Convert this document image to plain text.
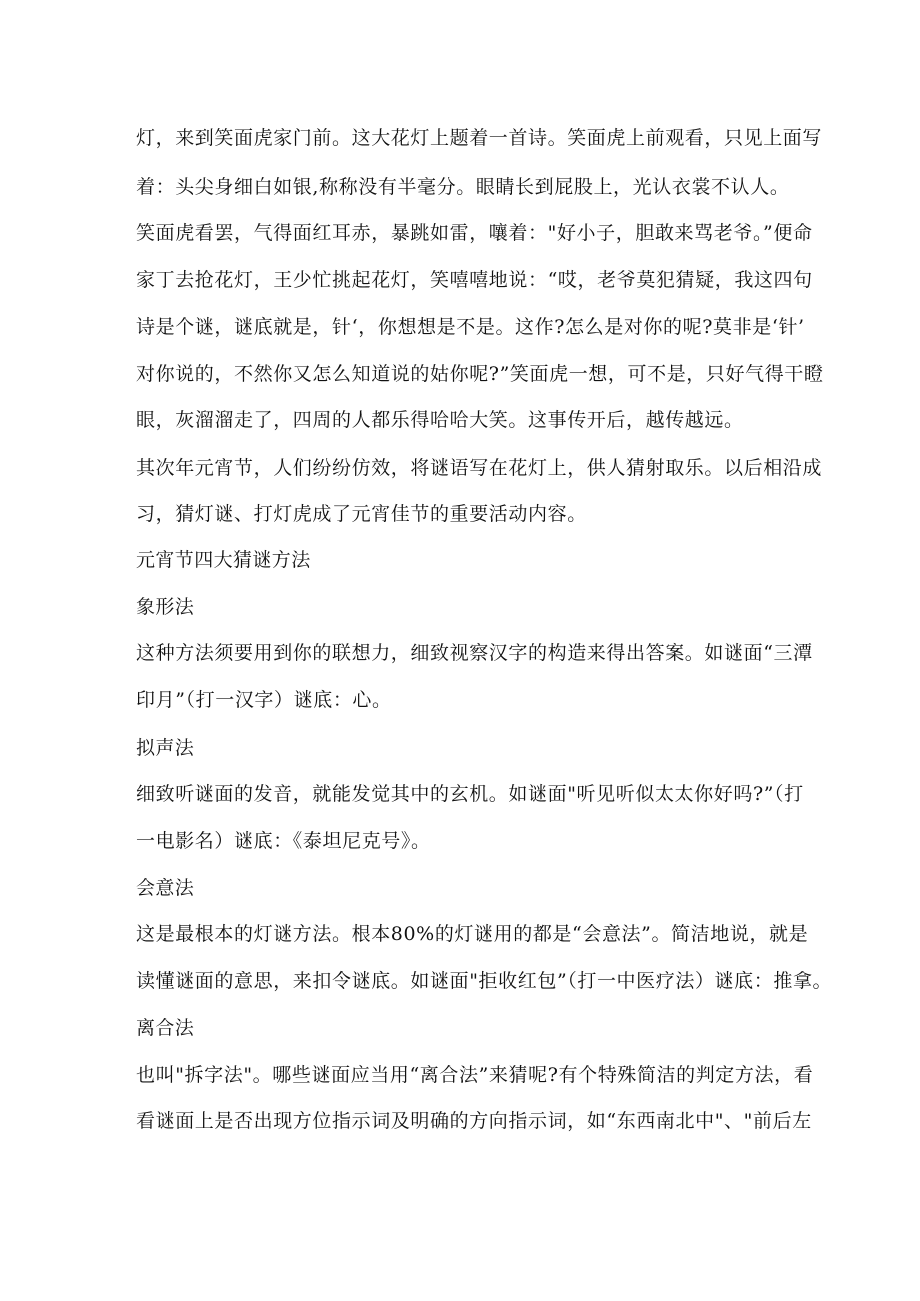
灯，来到笑面虎家门前。这大花灯上题着一首诗。笑面虎上前观看，只见上面写
着：头尖身细白如银,称称没有半毫分。眼睛长到屁股上，光认衣裳不认人。
笑面虎看罢，气得面红耳赤，暴跳如雷，嚷着："好小子，胆敢来骂老爷。”便命
家丁去抢花灯，王少忙挑起花灯，笑嘻嘻地说：“哎，老爷莫犯猜疑，我这四句
诗是个谜，谜底就是，针‘，你想想是不是。这作?怎么是对你的呢?莫非是‘针’
对你说的，不然你又怎么知道说的姑你呢?”笑面虎一想，可不是，只好气得干瞪
眼，灰溜溜走了，四周的人都乐得哈哈大笑。这事传开后，越传越远。
其次年元宵节，人们纷纷仿效，将谜语写在花灯上，供人猜射取乐。以后相沿成
习，猜灯谜、打灯虎成了元宵佳节的重要活动内容。
元宵节四大猜谜方法
象形法
这种方法须要用到你的联想力，细致视察汉字的构造来得出答案。如谜面“三潭
印月”（打一汉字）谜底：心。
拟声法
细致听谜面的发音，就能发觉其中的玄机。如谜面"听见听似太太你好吗?”（打
一电影名）谜底：《泰坦尼克号》。
会意法
这是最根本的灯谜方法。根本80%的灯谜用的都是“会意法”。简洁地说，就是
读懂谜面的意思，来扣令谜底。如谜面"拒收红包”（打一中医疗法）谜底：推拿。
离合法
也叫"拆字法"。哪些谜面应当用“离合法”来猜呢?有个特殊简洁的判定方法，看
看谜面上是否出现方位指示词及明确的方向指示词，如“东西南北中"、"前后左
